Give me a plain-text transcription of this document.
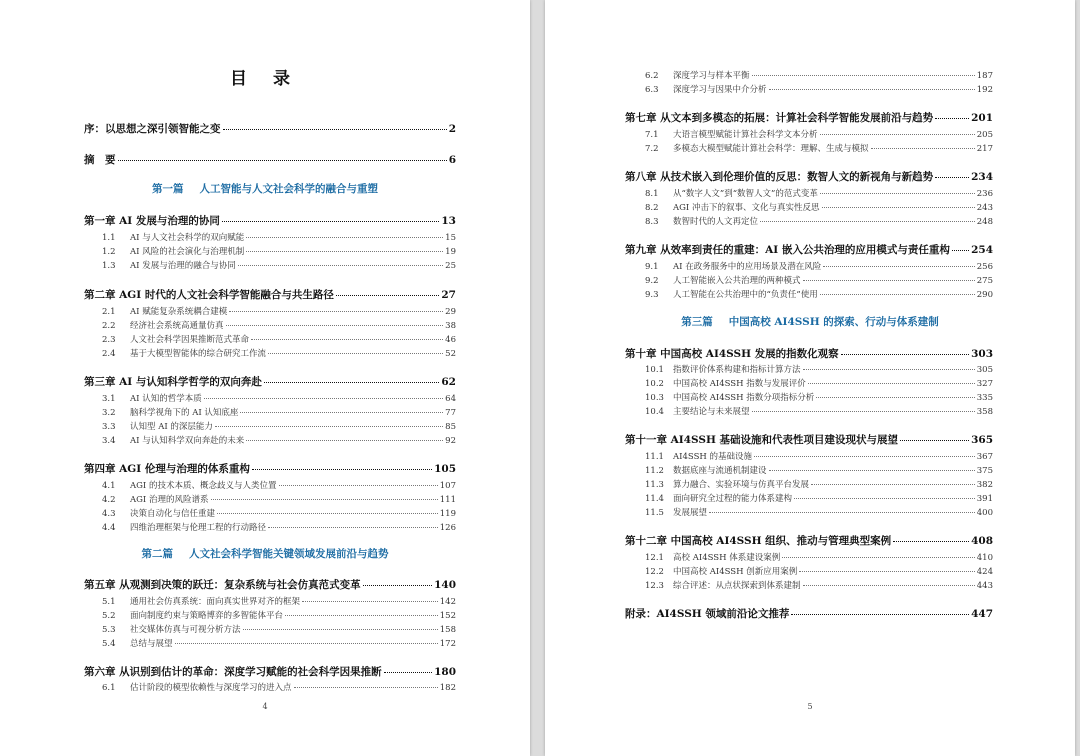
目 录
序：以思想之深引领智能之变	2
摘　要	6
第一篇 人工智能与人文社会科学的融合与重塑
第一章 AI 发展与治理的协同	13
1.1	AI 与人文社会科学的双向赋能	15
1.2	AI 风险的社会演化与治理机制	19
1.3	AI 发展与治理的融合与协同	25
第二章 AGI 时代的人文社会科学智能融合与共生路径	27
2.1	AI 赋能复杂系统耦合建模	29
2.2	经济社会系统高通量仿真	38
2.3	人文社会科学因果推断范式革命	46
2.4	基于大模型智能体的综合研究工作流	52
第三章 AI 与认知科学哲学的双向奔赴	62
3.1	AI 认知的哲学本质	64
3.2	脑科学视角下的 AI 认知底座	77
3.3	认知型 AI 的深层能力	85
3.4	AI 与认知科学双向奔赴的未来	92
第四章 AGI 伦理与治理的体系重构	105
4.1	AGI 的技术本质、概念歧义与人类位置	107
4.2	AGI 治理的风险谱系	111
4.3	决策自动化与信任重建	119
4.4	四维治理框架与伦理工程的行动路径	126
第二篇 人文社会科学智能关键领域发展前沿与趋势
第五章 从观测到决策的跃迁：复杂系统与社会仿真范式变革	140
5.1	通用社会仿真系统：面向真实世界对齐的框架	142
5.2	面向制度约束与策略博弈的多智能体平台	152
5.3	社交媒体仿真与可视分析方法	158
5.4	总结与展望	172
第六章 从识别到估计的革命：深度学习赋能的社会科学因果推断	180
6.1	估计阶段的模型依赖性与深度学习的进入点	182
4
6.2	深度学习与样本平衡	187
6.3	深度学习与因果中介分析	192
第七章 从文本到多模态的拓展：计算社会科学智能发展前沿与趋势	201
7.1	大语言模型赋能计算社会科学文本分析	205
7.2	多模态大模型赋能计算社会科学：理解、生成与模拟	217
第八章 从技术嵌入到伦理价值的反思：数智人文的新视角与新趋势	234
8.1	从“数字人文”到“数智人文”的范式变革	236
8.2	AGI 冲击下的叙事、文化与真实性反思	243
8.3	数智时代的人文再定位	248
第九章 从效率到责任的重建：AI 嵌入公共治理的应用模式与责任重构 254
9.1	AI 在政务服务中的应用场景及潜在风险	256
9.2	人工智能嵌入公共治理的两种模式	275
9.3	人工智能在公共治理中的“负责任”使用	290
第三篇 中国高校 AI4SSH 的探索、行动与体系建制
第十章 中国高校 AI4SSH 发展的指数化观察	303
10.1	指数评价体系构建和指标计算方法	305
10.2	中国高校 AI4SSH 指数与发展评价	327
10.3	中国高校 AI4SSH 指数分项指标分析	335
10.4	主要结论与未来展望	358
第十一章 AI4SSH 基础设施和代表性项目建设现状与展望	365
11.1	AI4SSH 的基础设施	367
11.2	数据底座与流通机制建设	375
11.3	算力融合、实验环境与仿真平台发展	382
11.4	面向研究全过程的能力体系建构	391
11.5	发展展望	400
第十二章 中国高校 AI4SSH 组织、推动与管理典型案例	408
12.1	高校 AI4SSH 体系建设案例	410
12.2	中国高校 AI4SSH 创新应用案例	424
12.3	综合评述：从点状探索到体系建制	443
附录：AI4SSH 领域前沿论文推荐	447
5
